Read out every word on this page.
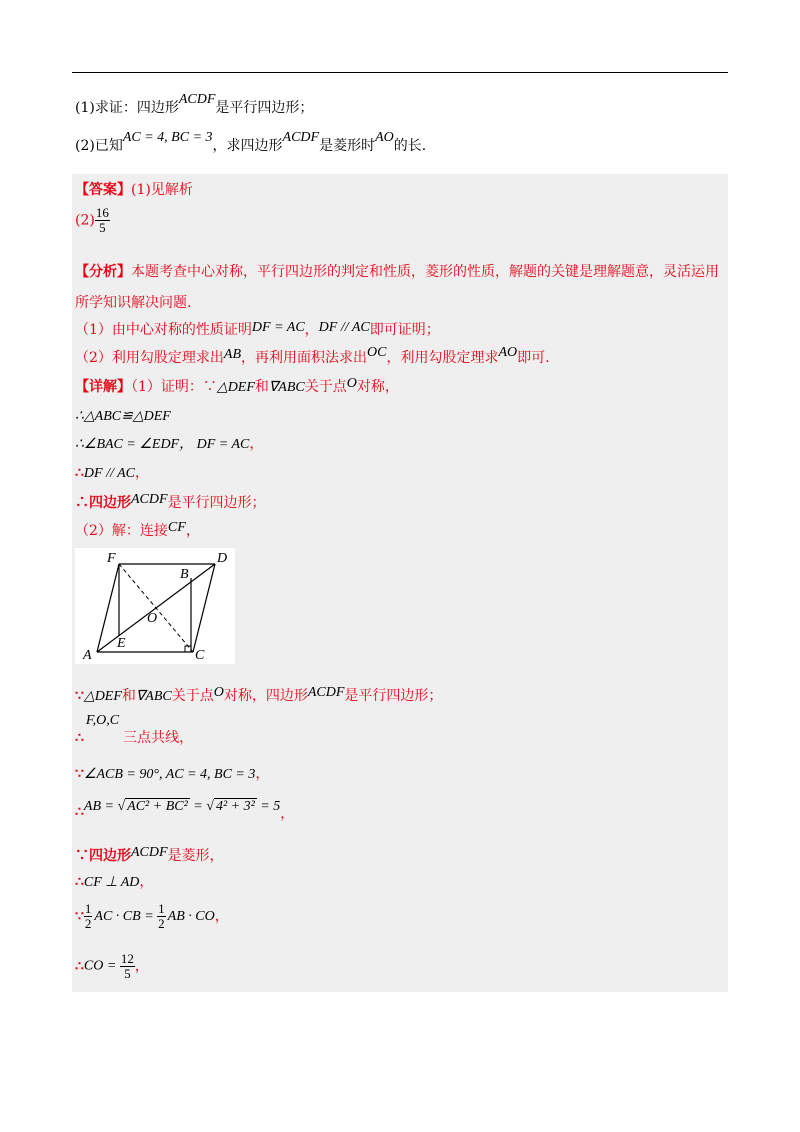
(1)求证：四边形ACDF是平行四边形；
(2)已知AC = 4, BC = 3，求四边形ACDF是菱形时AO的长.
【答案】(1)见解析
$(2) \frac{16}{5}$
【分析】本题考查中心对称，平行四边形的判定和性质，菱形的性质，解题的关键是理解题意，灵活运用
所学知识解决问题.
（1）由中心对称的性质证明DF = AC，DF // AC即可证明；
（2）利用勾股定理求出AB，再利用面积法求出OC，利用勾股定理求AO即可.
【详解】（1）证明：∵△DEF和∇ABC关于点O对称，
∴△ABC≌△DEF
∴∠BAC = ∠EDF， DF = AC，
∴DF // AC，
∴四边形ACDF是平行四边形；
（2）解：连接CF，
F	D
B
O
E
A	C
∵△DEF和∇ABC关于点O对称，四边形ACDF是平行四边形；
∴F,O,C三点共线，
∵∠ACB = 90°, AC = 4, BC = 3，
∴AB = √ AC² + BC² = √ 4² + 3² = 5，
∵四边形ACDF是菱形，
∴CF ⊥ AD，
∵ $\frac{1}{2}$ AC · CB = $\frac{1}{2}$ AB · CO，
∴CO = $\frac{12}{5}$ ，
